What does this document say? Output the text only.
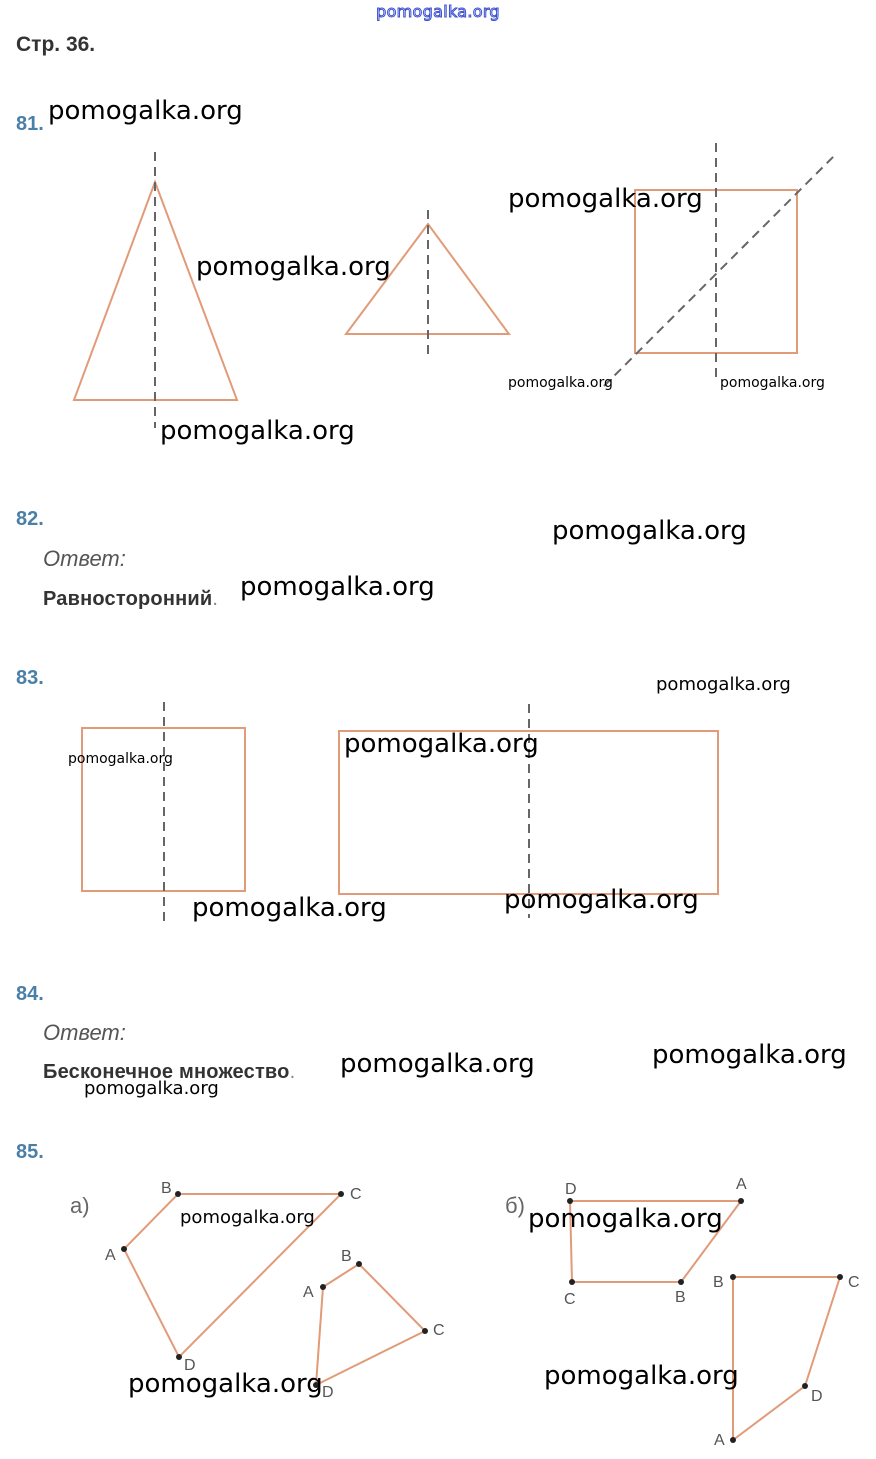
A
B	C
D
A
B
C
D
D	A
B
C
B	C
D
A
а)	б)
pomogalka.org
Стр. 36.
81.
82.
Ответ:
Равносторонний.
83.
84.
Ответ:
Бесконечное множество.
85.
pomogalka.org
pomogalka.org
pomogalka.org
pomogalka.org	pomogalka.org
pomogalka.org
pomogalka.org
pomogalka.org
pomogalka.org
pomogalka.org	pomogalka.org
pomogalka.org
pomogalka.org
pomogalka.org
pomogalka.org
pomogalka.org
pomogalka.org	pomogalka.org
pomogalka.org
pomogalka.org
